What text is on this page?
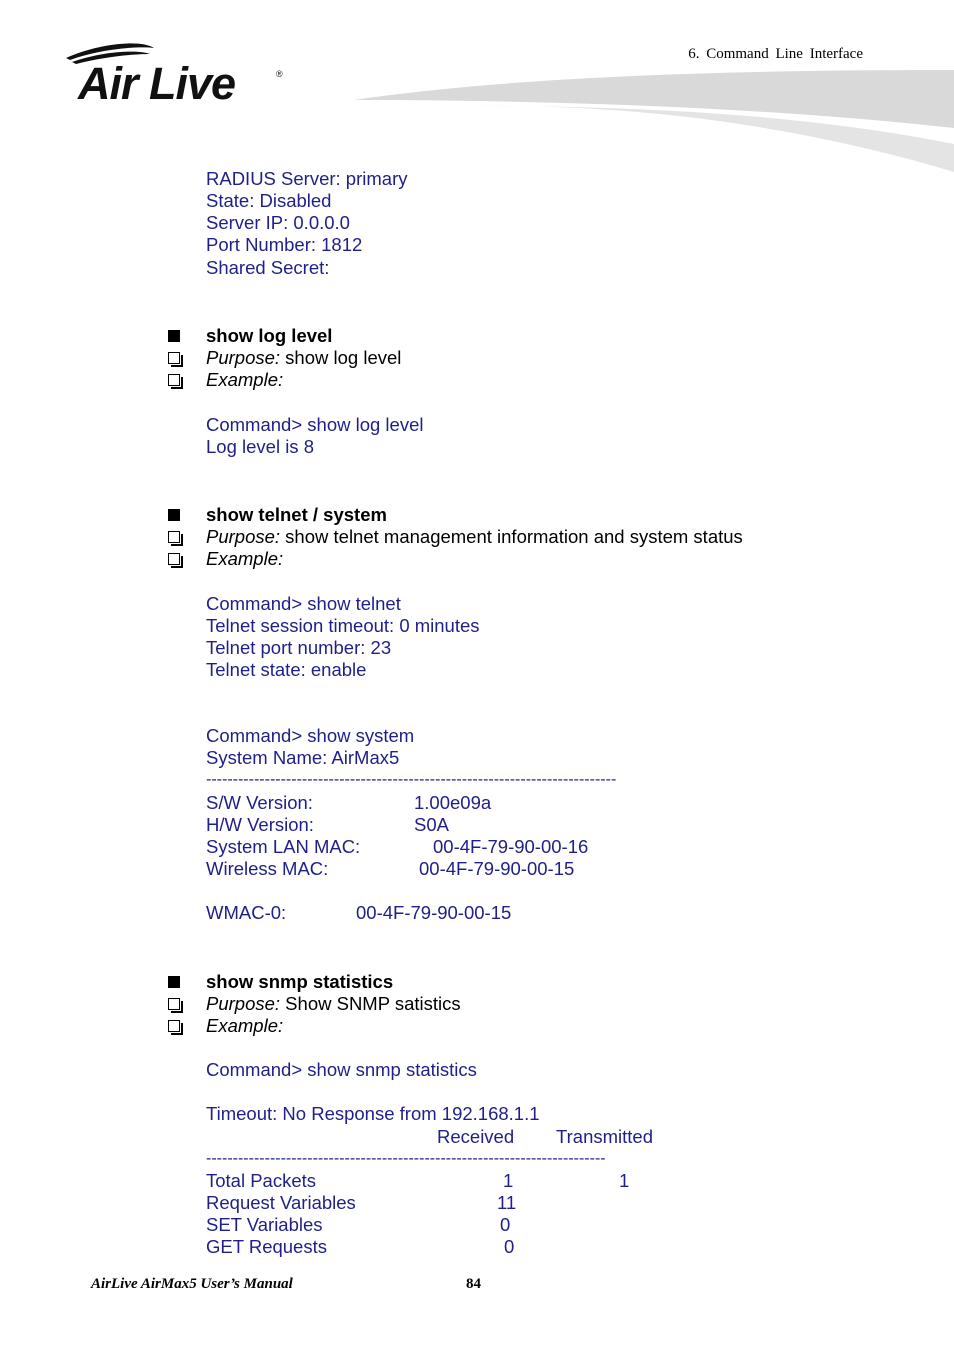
6. Command Line Interface
Air Live	®
RADIUS Server: primary
State: Disabled
Server IP: 0.0.0.0
Port Number: 1812
Shared Secret:
show log level
Purpose: show log level
Example:
Command> show log level
Log level is 8
show telnet / system
Purpose: show telnet management information and system status
Example:
Command> show telnet
Telnet session timeout: 0 minutes
Telnet port number: 23
Telnet state: enable
Command> show system
System Name: AirMax5
-----------------------------------------------------------------------------
S/W Version:	1.00e09a
H/W Version:	S0A
System LAN MAC:	00-4F-79-90-00-16
Wireless MAC:	00-4F-79-90-00-15
WMAC-0:	00-4F-79-90-00-15
show snmp statistics
Purpose: Show SNMP satistics
Example:
Command> show snmp statistics
Timeout: No Response from 192.168.1.1
Received Transmitted
---------------------------------------------------------------------------
Total Packets	1	1
Request Variables	11
SET Variables	0
GET Requests	0
AirLive AirMax5 User’s Manual	84
